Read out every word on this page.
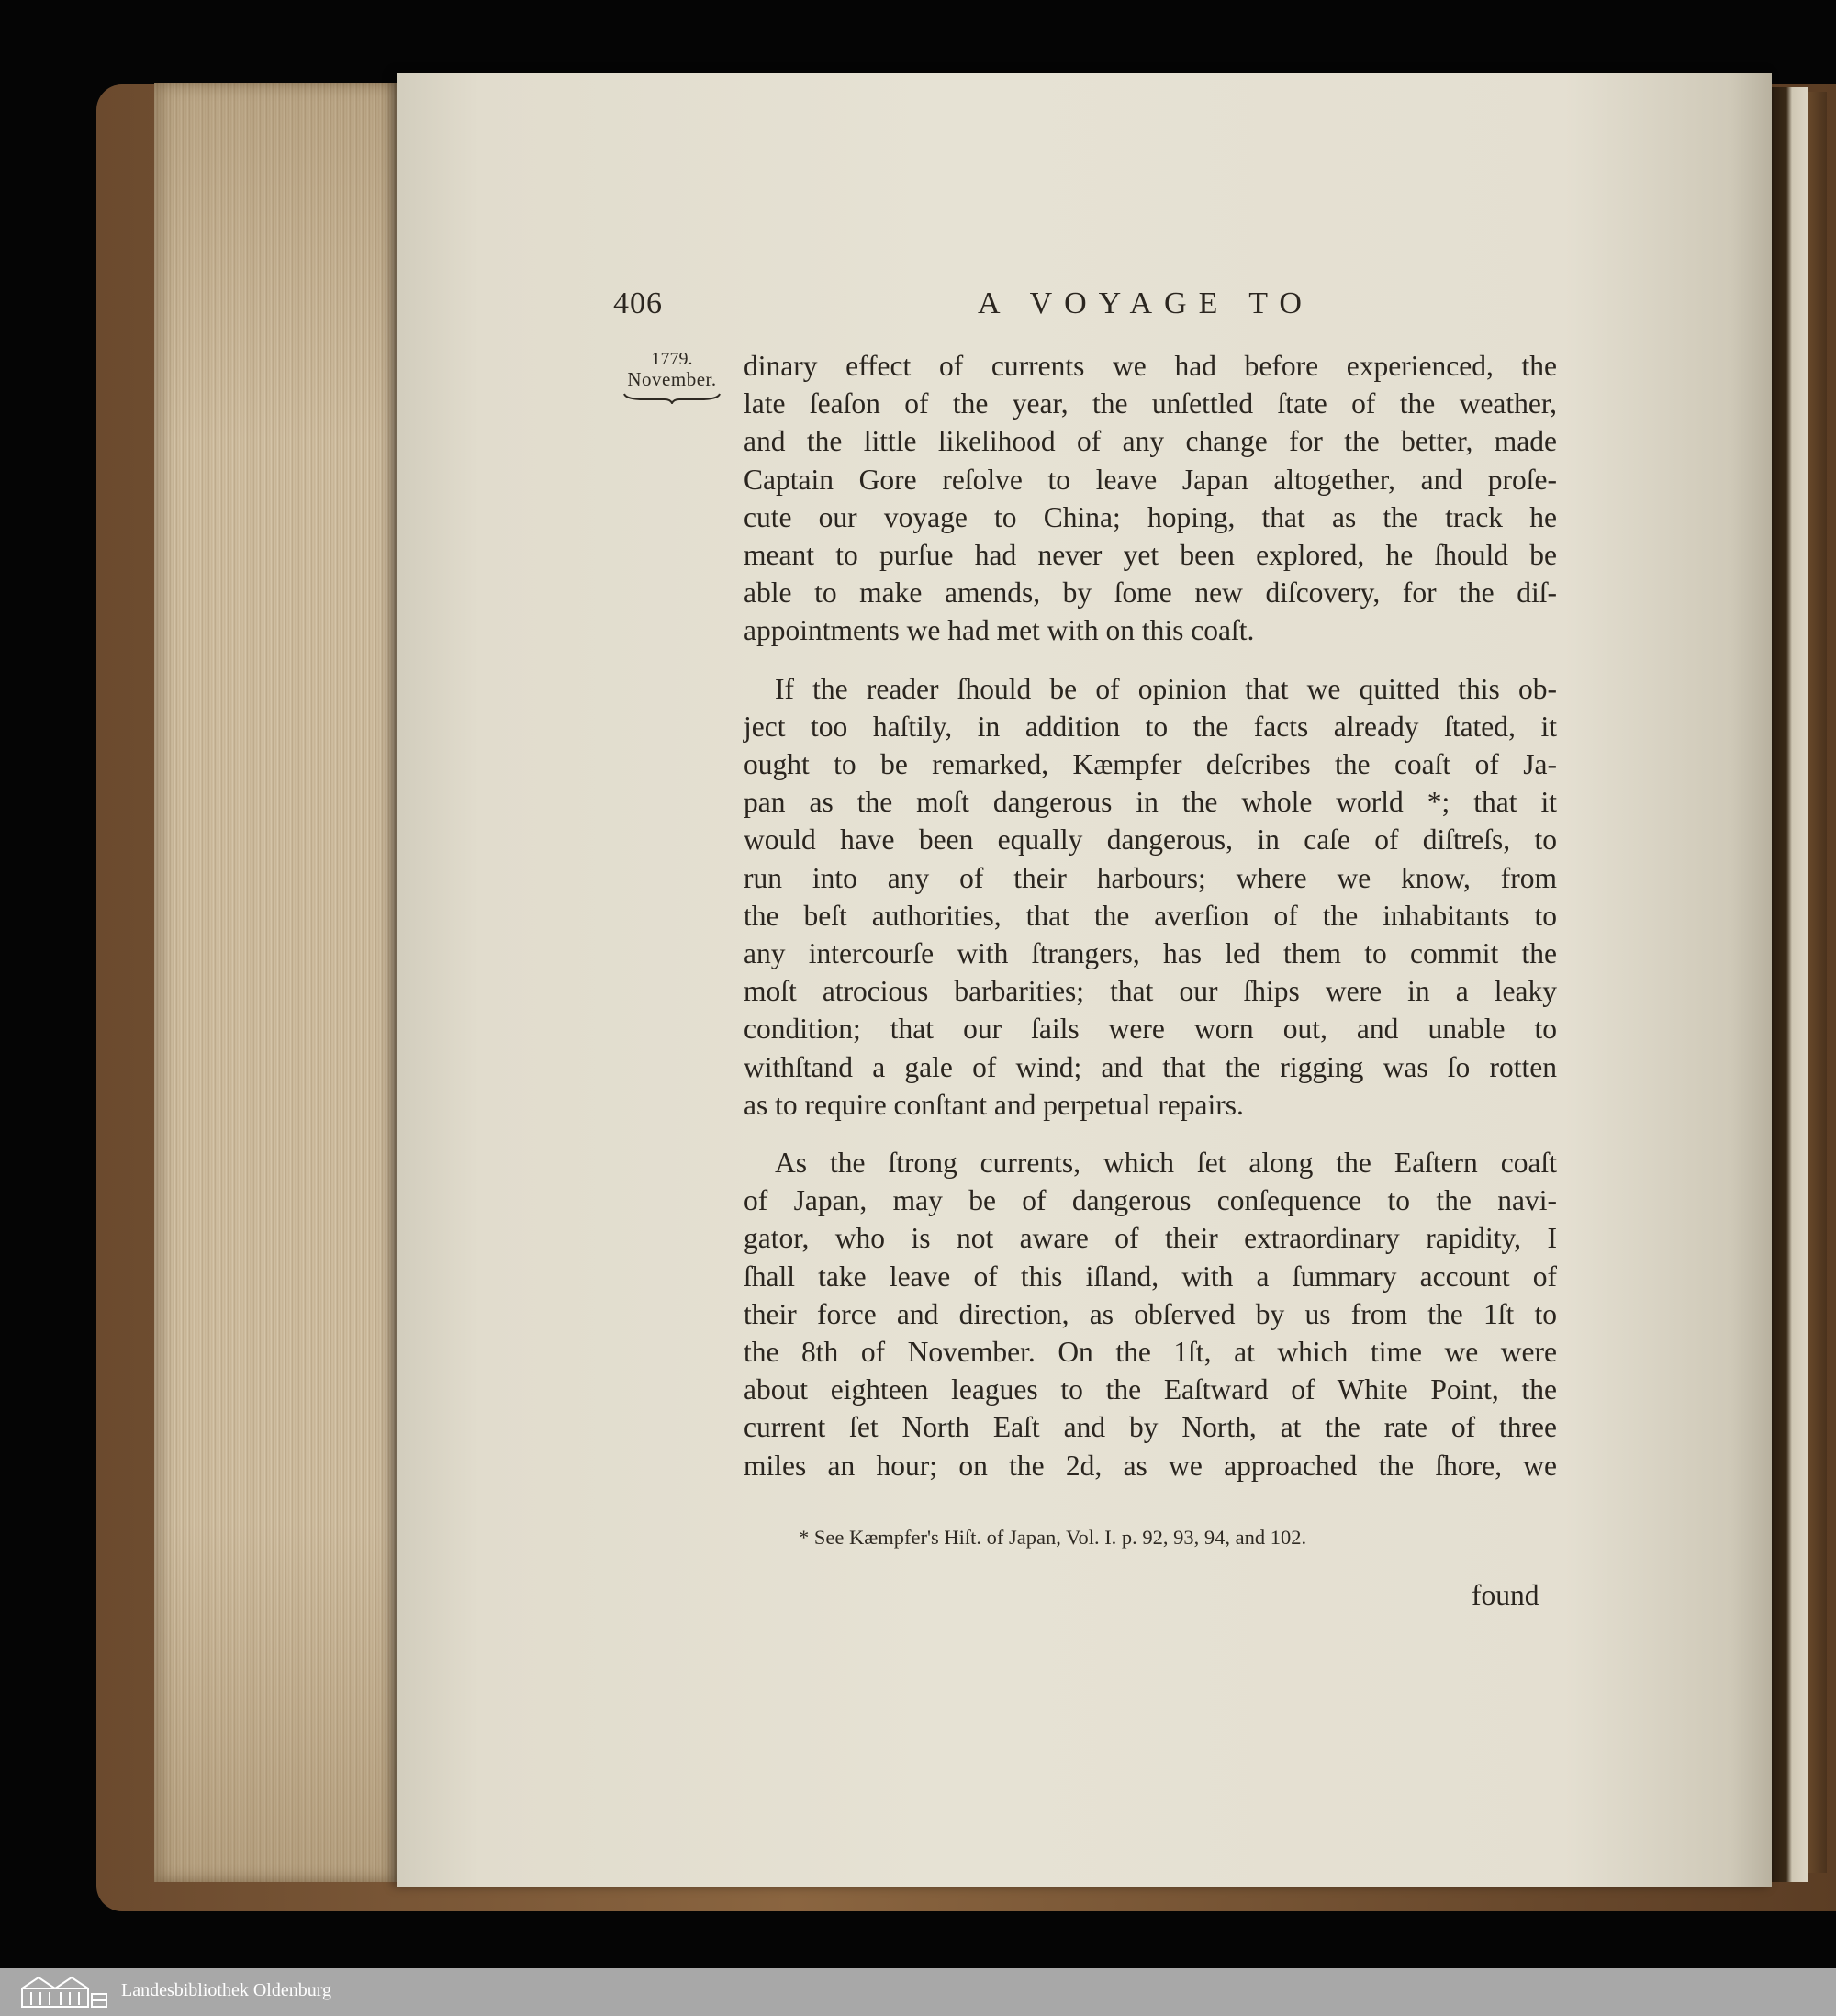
406	A VOYAGE TO
1779.
November. dinary effect of currents we had before experienced, the
late ſeaſon of the year, the unſettled ſtate of the weather,
and the little likelihood of any change for the better, made
Captain Gore reſolve to leave Japan altogether, and proſe-
cute our voyage to China; hoping, that as the track he
meant to purſue had never yet been explored, he ſhould be
able to make amends, by ſome new diſcovery, for the diſ-
appointments we had met with on this coaſt.
If the reader ſhould be of opinion that we quitted this ob-
ject too haſtily, in addition to the facts already ſtated, it
ought to be remarked, Kæmpfer deſcribes the coaſt of Ja-
pan as the moſt dangerous in the whole world *; that it
would have been equally dangerous, in caſe of diſtreſs, to
run into any of their harbours; where we know, from
the beſt authorities, that the averſion of the inhabitants to
any intercourſe with ſtrangers, has led them to commit the
moſt atrocious barbarities; that our ſhips were in a leaky
condition; that our ſails were worn out, and unable to
withſtand a gale of wind; and that the rigging was ſo rotten
as to require conſtant and perpetual repairs.
As the ſtrong currents, which ſet along the Eaſtern coaſt
of Japan, may be of dangerous conſequence to the navi-
gator, who is not aware of their extraordinary rapidity, I
ſhall take leave of this iſland, with a ſummary account of
their force and direction, as obſerved by us from the 1ſt to
the 8th of November. On the 1ſt, at which time we were
about eighteen leagues to the Eaſtward of White Point, the
current ſet North Eaſt and by North, at the rate of three
miles an hour; on the 2d, as we approached the ſhore, we
* See Kæmpfer's Hiſt. of Japan, Vol. I. p. 92, 93, 94, and 102.
found
Landesbibliothek Oldenburg
